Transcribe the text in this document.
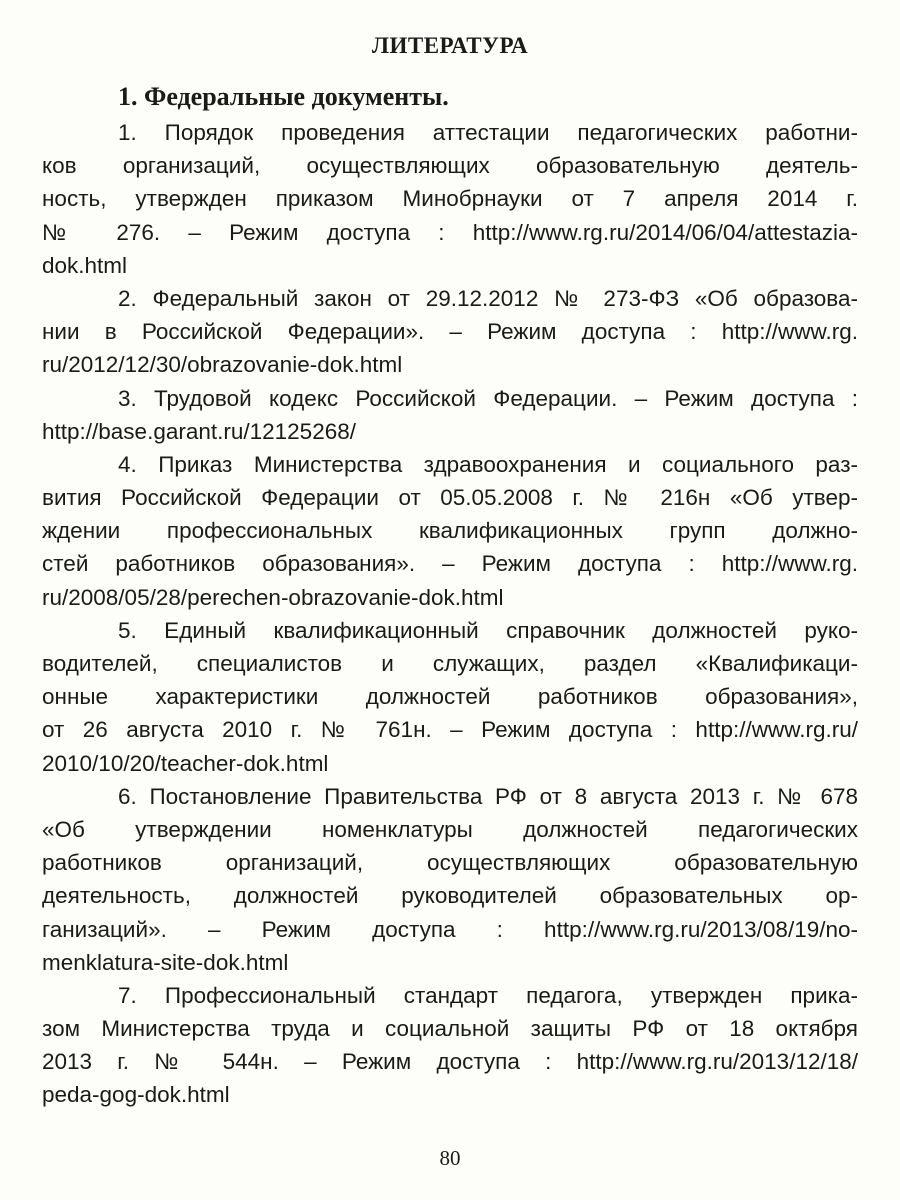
ЛИТЕРАТУРА
1. Федеральные документы.
1. Порядок проведения аттестации педагогических работни-
ков организаций, осуществляющих образовательную деятель-
ность, утвержден приказом Минобрнауки от 7 апреля 2014 г.
№ 276. – Режим доступа : http://www.rg.ru/2014/06/04/attestazia-
dok.html
2. Федеральный закон от 29.12.2012 № 273-ФЗ «Об образова-
нии в Российской Федерации». – Режим доступа : http://www.rg.
ru/2012/12/30/obrazovanie-dok.html
3. Трудовой кодекс Российской Федерации. – Режим доступа :
http://base.garant.ru/12125268/
4. Приказ Министерства здравоохранения и социального раз-
вития Российской Федерации от 05.05.2008 г. № 216н «Об утвер-
ждении профессиональных квалификационных групп должно-
стей работников образования». – Режим доступа : http://www.rg.
ru/2008/05/28/perechen-obrazovanie-dok.html
5. Единый квалификационный справочник должностей руко-
водителей, специалистов и служащих, раздел «Квалификаци-
онные характеристики должностей работников образования»,
от 26 августа 2010 г. № 761н. – Режим доступа : http://www.rg.ru/
2010/10/20/teacher-dok.html
6. Постановление Правительства РФ от 8 августа 2013 г. № 678
«Об утверждении номенклатуры должностей педагогических
работников организаций, осуществляющих образовательную
деятельность, должностей руководителей образовательных ор-
ганизаций». – Режим доступа : http://www.rg.ru/2013/08/19/no-
menklatura-site-dok.html
7. Профессиональный стандарт педагога, утвержден прика-
зом Министерства труда и социальной защиты РФ от 18 октября
2013 г. № 544н. – Режим доступа : http://www.rg.ru/2013/12/18/
peda-gog-dok.html
80
